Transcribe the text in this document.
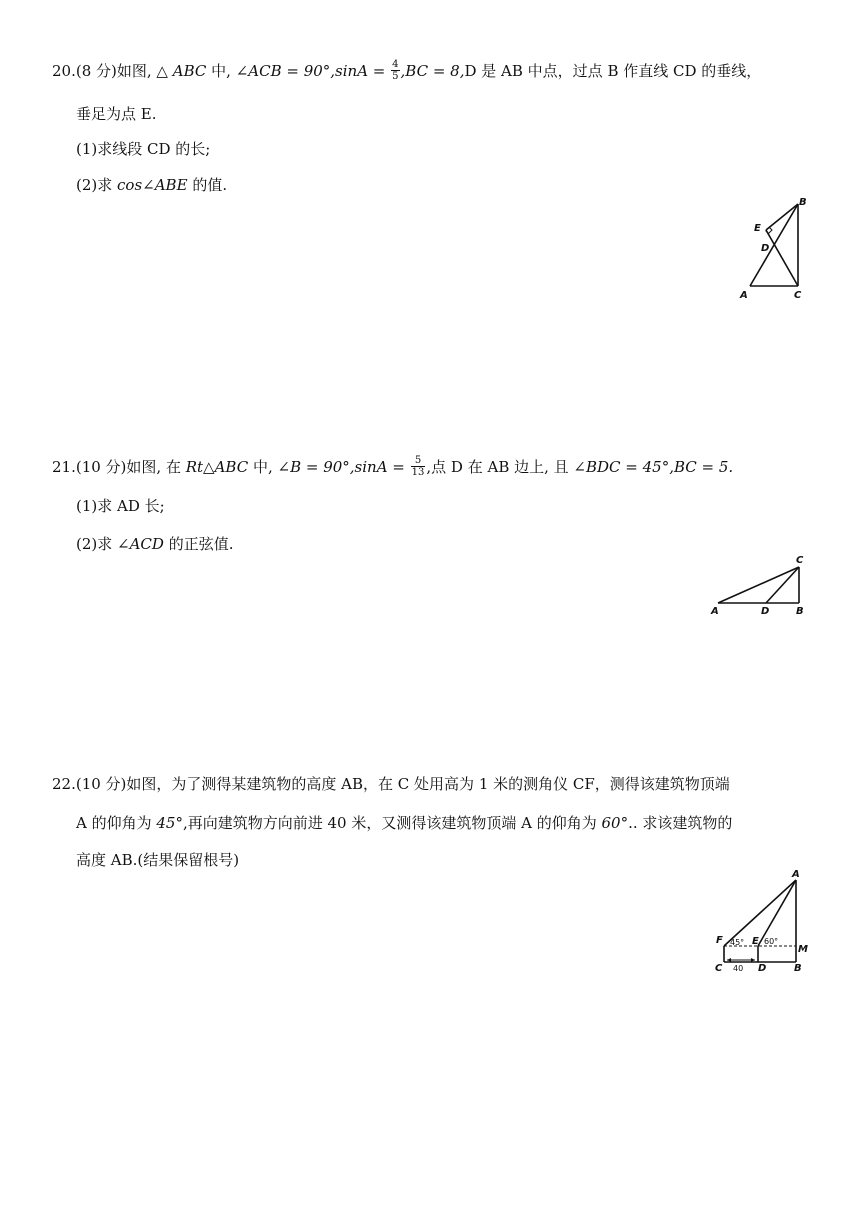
20.(8 分)如图, △ ABC 中, ∠ACB = $90^\circ,\sin A = \frac{4}{5} ,BC = 8,D$ 是 AB 中点，过点 B 作直线 CD 的垂线，
垂足为点 E.
(1)求线段 CD 的长;
(2)求 cos∠ABE 的值.
B
E
D
A	C
21.(10 分)如图, 在 Rt△ABC 中, ∠B = $90^\circ,\sin A = \frac{5}{13}$ ,点 D 在 AB 边上, 且 ∠BDC = 45°,BC = 5.
(1)求 AD 长;
(2)求 ∠ACD 的正弦值.
C
A	D	B
22.(10 分)如图，为了测得某建筑物的高度 AB，在 C 处用高为 1 米的测角仪 CF，测得该建筑物顶端
A 的仰角为 45°,再向建筑物方向前进 40 米，又测得该建筑物顶端 A 的仰角为 60°.. 求该建筑物的
高度 AB.(结果保留根号)
A
F	E
M
C	D	B
40
45° 60°
